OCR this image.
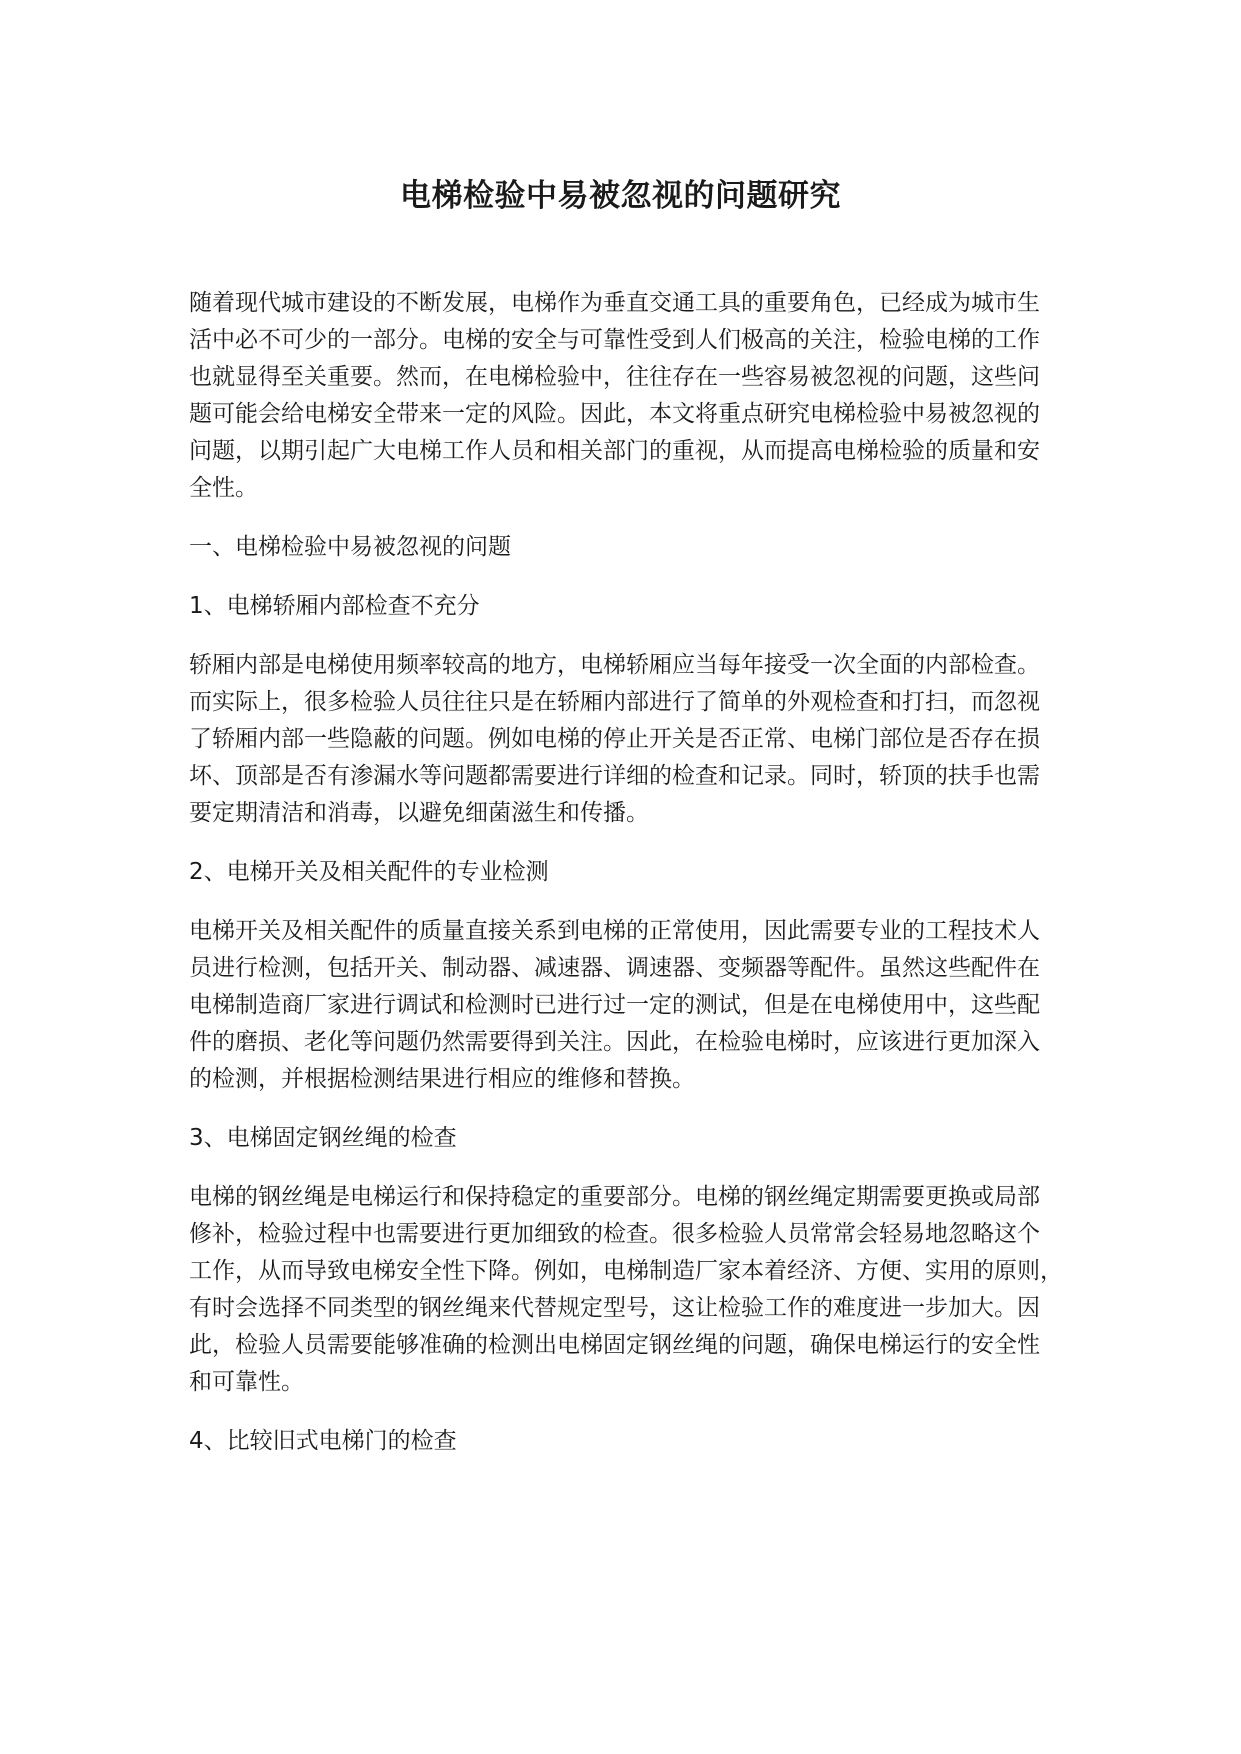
电梯检验中易被忽视的问题研究
随着现代城市建设的不断发展，电梯作为垂直交通工具的重要角色，已经成为城市生
活中必不可少的一部分。电梯的安全与可靠性受到人们极高的关注，检验电梯的工作
也就显得至关重要。然而，在电梯检验中，往往存在一些容易被忽视的问题，这些问
题可能会给电梯安全带来一定的风险。因此，本文将重点研究电梯检验中易被忽视的
问题，以期引起广大电梯工作人员和相关部门的重视，从而提高电梯检验的质量和安
全性。
一、电梯检验中易被忽视的问题
1、电梯轿厢内部检查不充分
轿厢内部是电梯使用频率较高的地方，电梯轿厢应当每年接受一次全面的内部检查。
而实际上，很多检验人员往往只是在轿厢内部进行了简单的外观检查和打扫，而忽视
了轿厢内部一些隐蔽的问题。例如电梯的停止开关是否正常、电梯门部位是否存在损
坏、顶部是否有渗漏水等问题都需要进行详细的检查和记录。同时，轿顶的扶手也需
要定期清洁和消毒，以避免细菌滋生和传播。
2、电梯开关及相关配件的专业检测
电梯开关及相关配件的质量直接关系到电梯的正常使用，因此需要专业的工程技术人
员进行检测，包括开关、制动器、减速器、调速器、变频器等配件。虽然这些配件在
电梯制造商厂家进行调试和检测时已进行过一定的测试，但是在电梯使用中，这些配
件的磨损、老化等问题仍然需要得到关注。因此，在检验电梯时，应该进行更加深入
的检测，并根据检测结果进行相应的维修和替换。
3、电梯固定钢丝绳的检查
电梯的钢丝绳是电梯运行和保持稳定的重要部分。电梯的钢丝绳定期需要更换或局部
修补，检验过程中也需要进行更加细致的检查。很多检验人员常常会轻易地忽略这个
工作，从而导致电梯安全性下降。例如，电梯制造厂家本着经济、方便、实用的原则，
有时会选择不同类型的钢丝绳来代替规定型号，这让检验工作的难度进一步加大。因
此，检验人员需要能够准确的检测出电梯固定钢丝绳的问题，确保电梯运行的安全性
和可靠性。
4、比较旧式电梯门的检查
